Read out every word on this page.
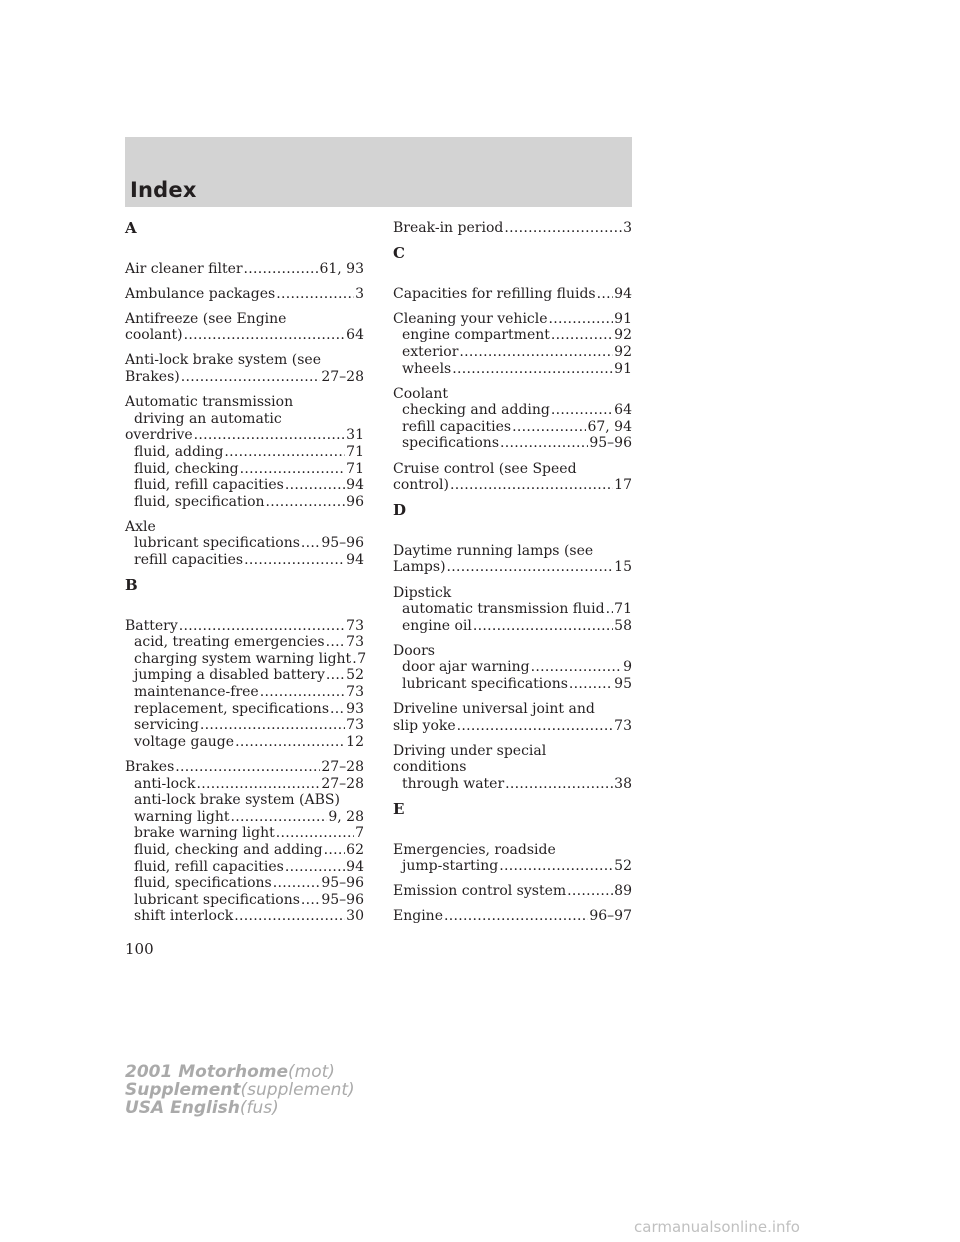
Index
A
Air cleaner filter .....	61, 93
Ambulance packages .....	3
Antifreeze (see Engine
coolant) .....	64
Anti-lock brake system (see
Brakes) .....	27–28
Automatic transmission
driving an automatic
overdrive .....	31
fluid, adding .....	71
fluid, checking .....	71
fluid, refill capacities .....	94
fluid, specification .....	96
Axle
lubricant specifications ..... 95–96
refill capacities .....	94
B
Battery .....	73
acid, treating emergencies ..... 73
charging system warning light ..... 7
jumping a disabled battery ..... 52
maintenance-free .....	73
replacement, specifications ..... 93
servicing .....	73
voltage gauge .....	12
Brakes .....	27–28
anti-lock .....	27–28
anti-lock brake system (ABS)
warning light .....	9, 28
brake warning light .....	7
fluid, checking and adding ..... 62
fluid, refill capacities .....	94
fluid, specifications .....	95–96
lubricant specifications ..... 95–96
shift interlock .....	30
Break-in period .....	3
C
Capacities for refilling fluids ..... 94
Cleaning your vehicle .....	91
engine compartment .....	92
exterior .....	92
wheels .....	91
Coolant
checking and adding .....	64
refill capacities .....	67, 94
specifications .....	95–96
Cruise control (see Speed
control) .....	17
D
Daytime running lamps (see
Lamps) .....	15
Dipstick
automatic transmission fluid ..... 71
engine oil .....	58
Doors
door ajar warning .....	9
lubricant specifications .....	95
Driveline universal joint and
slip yoke .....	73
Driving under special
conditions
through water .....	38
E
Emergencies, roadside
jump-starting .....	52
Emission control system .....	89
Engine .....	96–97
100
2001 Motorhome(mot)
Supplement(supplement)
USA English(fus)
carmanualsonline.info
